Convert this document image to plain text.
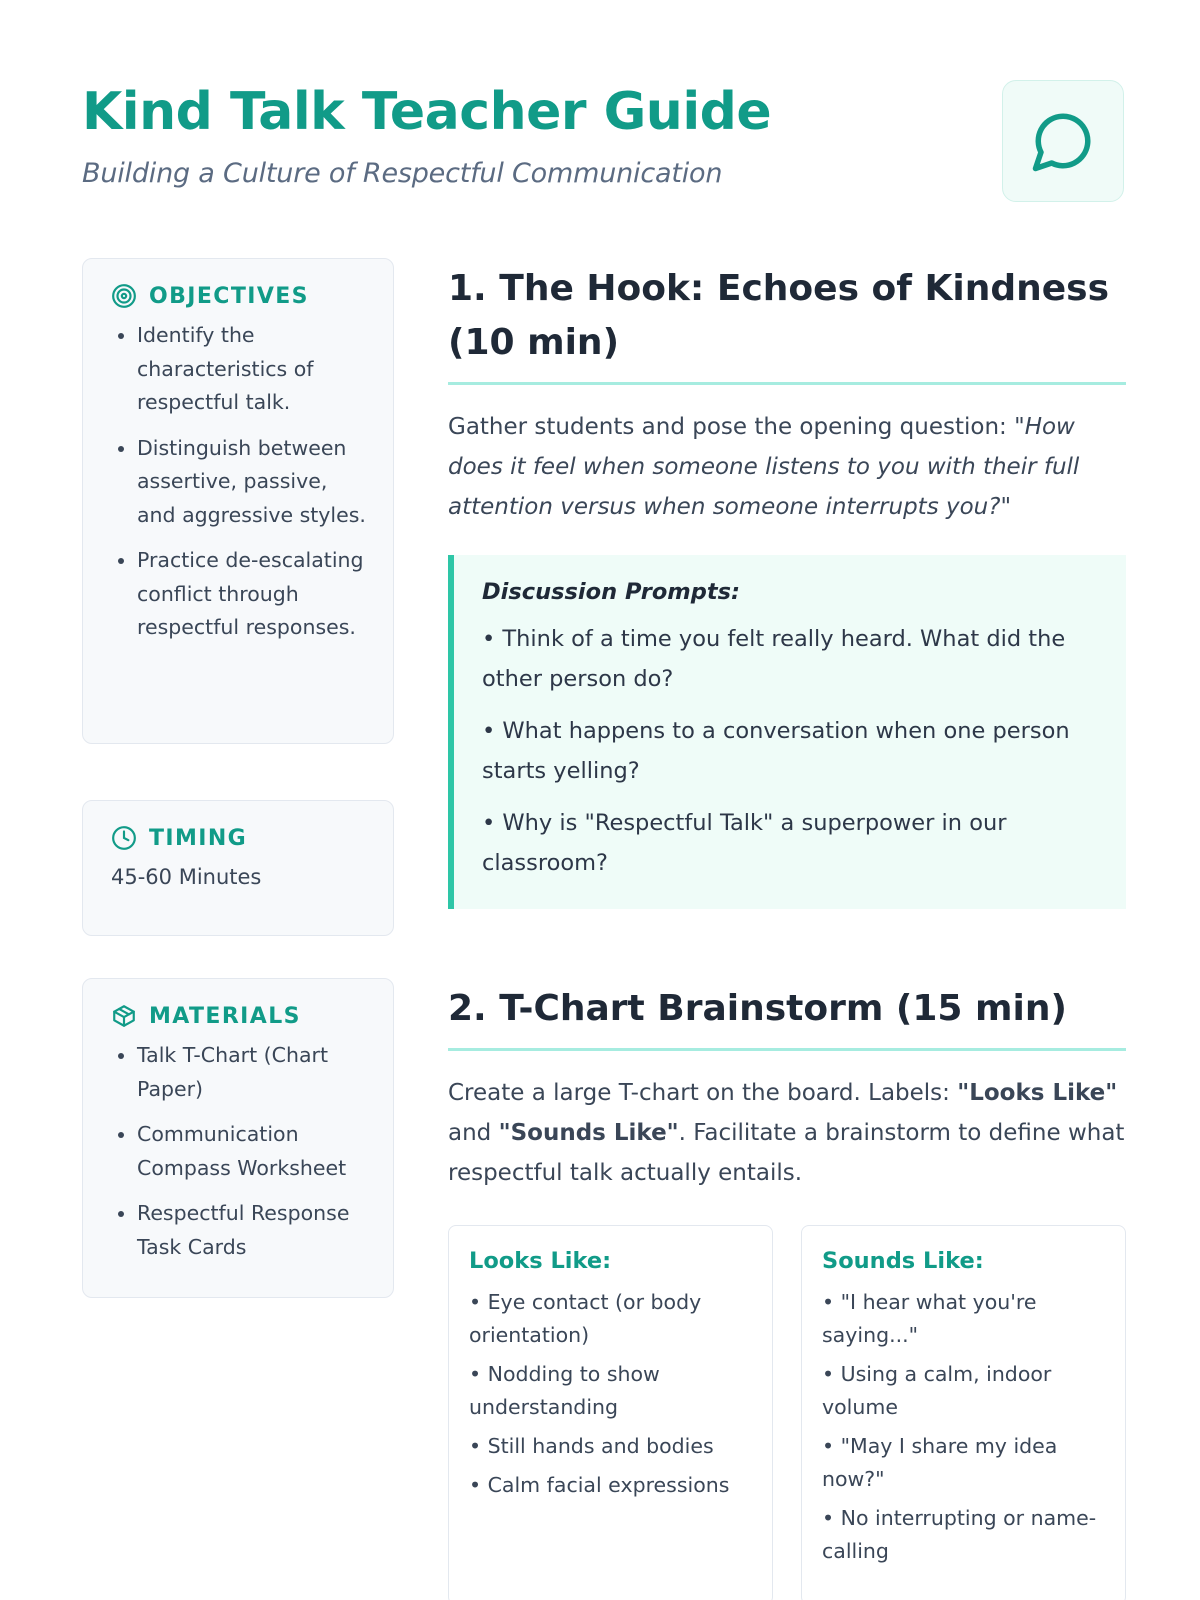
Kind Talk Teacher Guide
Building a Culture of Respectful Communication
OBJECTIVES
• Identify the characteristics of respectful talk.
• Distinguish between assertive, passive, and aggressive styles.
• Practice de-escalating conflict through respectful responses.
TIMING
45-60 Minutes
MATERIALS
• Talk T-Chart (Chart Paper)
• Communication Compass Worksheet
• Respectful Response Task Cards
1. The Hook: Echoes of Kindness (10 min)

Gather students and pose the opening question: "How does it feel when someone listens to you with their full attention versus when someone interrupts you?"

Discussion Prompts:
• Think of a time you felt really heard. What did the other person do?
• What happens to a conversation when one person starts yelling?
• Why is "Respectful Talk" a superpower in our classroom?
2. T-Chart Brainstorm (15 min)

Create a large T-chart on the board. Labels: "Looks Like" and "Sounds Like". Facilitate a brainstorm to define what respectful talk actually entails.

Looks Like:
• Eye contact (or body orientation)
• Nodding to show understanding
• Still hands and bodies
• Calm facial expressions
Sounds Like:
• "I hear what you're saying..."
• Using a calm, indoor volume
• "May I share my idea now?"
• No interrupting or name-calling
